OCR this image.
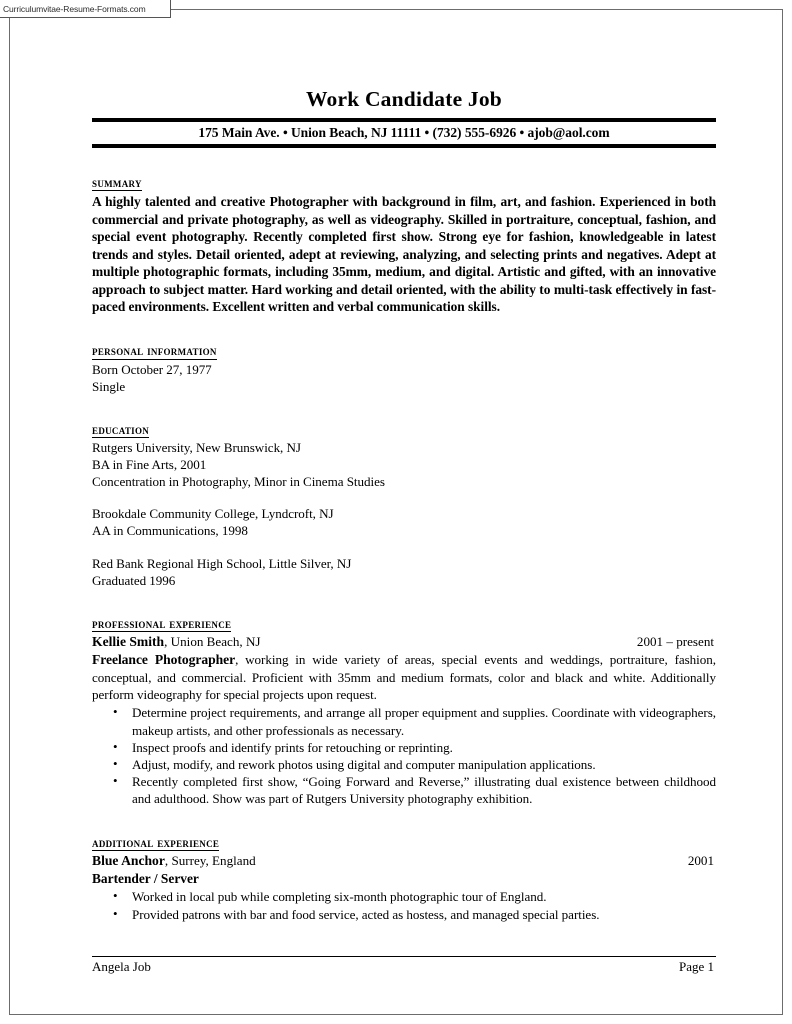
Curriculumvitae-Resume-Formats.com
Work Candidate Job
175 Main Ave. • Union Beach, NJ 11111 • (732) 555-6926 • ajob@aol.com
summary
A highly talented and creative Photographer with background in film, art, and fashion. Experienced in both commercial and private photography, as well as videography. Skilled in portraiture, conceptual, fashion, and special event photography. Recently completed first show. Strong eye for fashion, knowledgeable in latest trends and styles. Detail oriented, adept at reviewing, analyzing, and selecting prints and negatives. Adept at multiple photographic formats, including 35mm, medium, and digital. Artistic and gifted, with an innovative approach to subject matter. Hard working and detail oriented, with the ability to multi-task effectively in fast-paced environments. Excellent written and verbal communication skills.
personal information
Born October 27, 1977
Single
education
Rutgers University, New Brunswick, NJ
BA in Fine Arts, 2001
Concentration in Photography, Minor in Cinema Studies
Brookdale Community College, Lyndcroft, NJ
AA in Communications, 1998
Red Bank Regional High School, Little Silver, NJ
Graduated 1996
professional experience
Kellie Smith, Union Beach, NJ	2001 – present
Freelance Photographer, working in wide variety of areas, special events and weddings, portraiture, fashion, conceptual, and commercial. Proficient with 35mm and medium formats, color and black and white. Additionally perform videography for special projects upon request.
• Determine project requirements, and arrange all proper equipment and supplies. Coordinate with videographers, makeup artists, and other professionals as necessary.
• Inspect proofs and identify prints for retouching or reprinting.
• Adjust, modify, and rework photos using digital and computer manipulation applications.
• Recently completed first show, “Going Forward and Reverse,” illustrating dual existence between childhood and adulthood. Show was part of Rutgers University photography exhibition.
additional experience
Blue Anchor, Surrey, England	2001
Bartender / Server
• Worked in local pub while completing six-month photographic tour of England.
• Provided patrons with bar and food service, acted as hostess, and managed special parties.
Angela Job	Page 1
